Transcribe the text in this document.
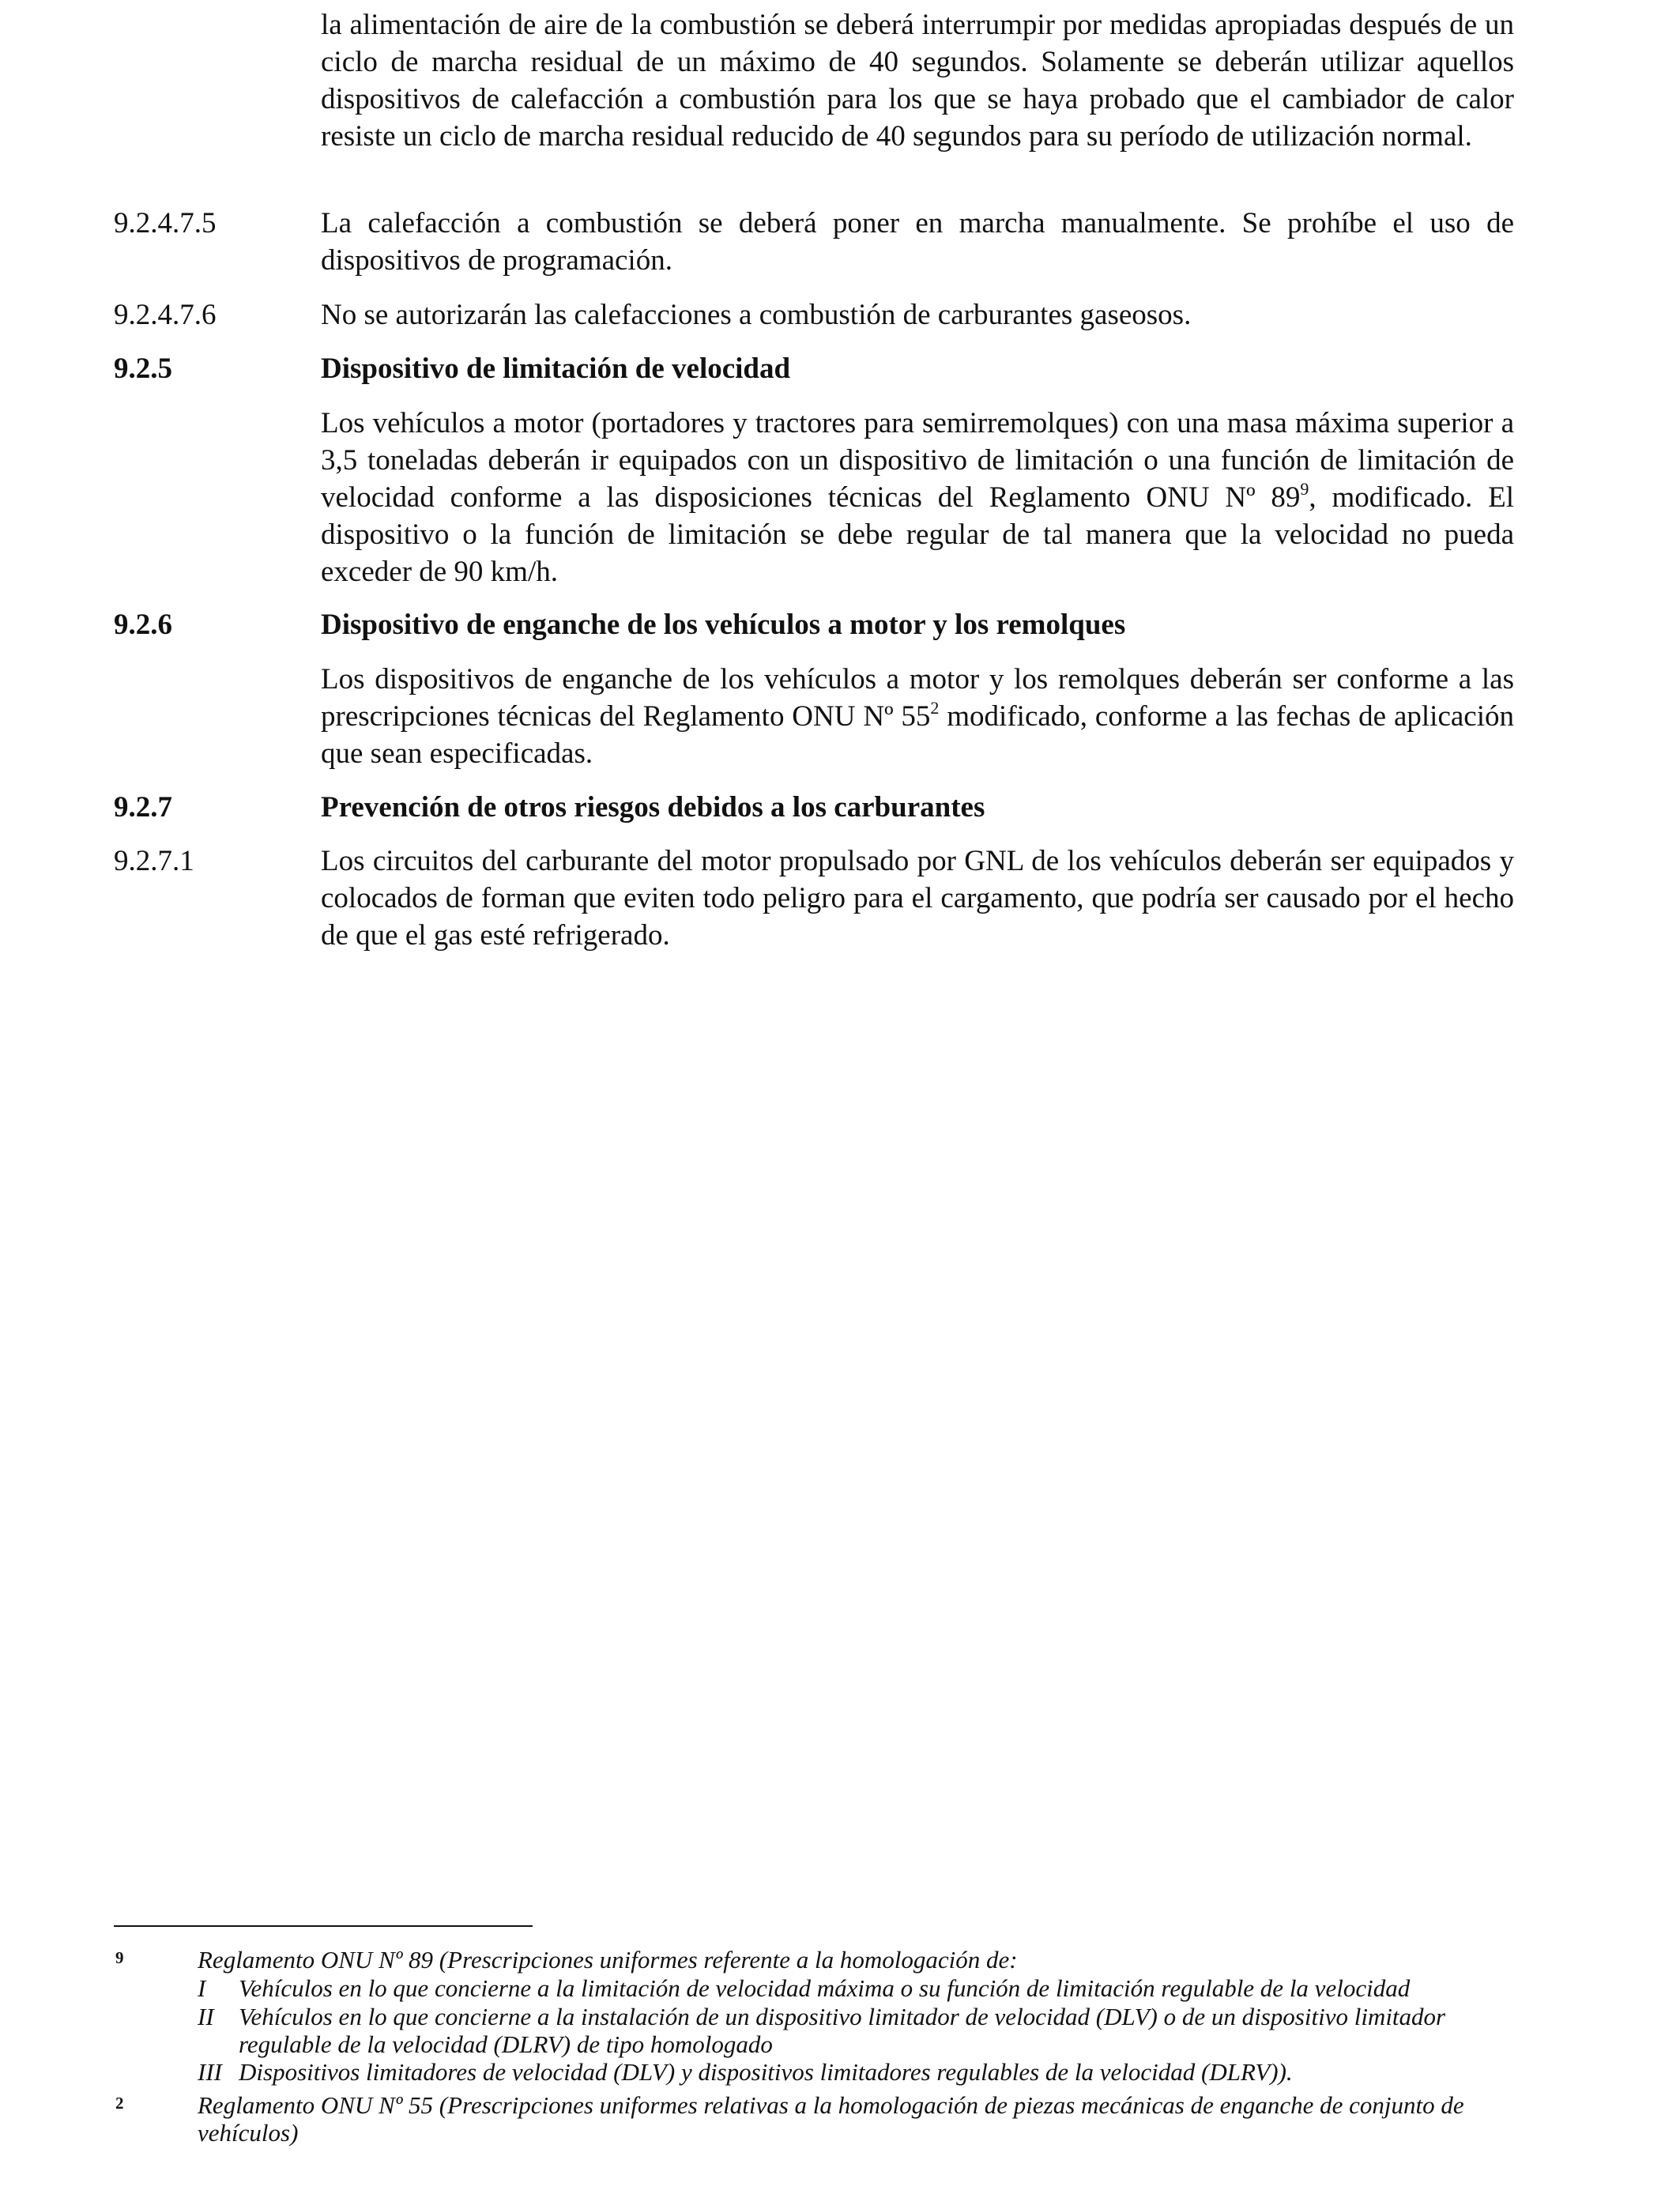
la alimentación de aire de la combustión se deberá interrumpir por medidas apropiadas después de un ciclo de marcha residual de un máximo de 40 segundos. Solamente se deberán utilizar aquellos dispositivos de calefacción a combustión para los que se haya probado que el cambiador de calor resiste un ciclo de marcha residual reducido de 40 segundos para su período de utilización normal.

9.2.4.7.5	La calefacción a combustión se deberá poner en marcha manualmente. Se prohíbe el uso de dispositivos de programación.

9.2.4.7.6	No se autorizarán las calefacciones a combustión de carburantes gaseosos.

9.2.5	Dispositivo de limitación de velocidad

Los vehículos a motor (portadores y tractores para semirremolques) con una masa máxima superior a 3,5 toneladas deberán ir equipados con un dispositivo de limitación o una función de limitación de velocidad conforme a las disposiciones técnicas del Reglamento ONU Nº $89^9$, modificado. El dispositivo o la función de limitación se debe regular de tal manera que la velocidad no pueda exceder de 90 km/h.

9.2.6	Dispositivo de enganche de los vehículos a motor y los remolques

Los dispositivos de enganche de los vehículos a motor y los remolques deberán ser conforme a las prescripciones técnicas del Reglamento ONU Nº $55^2$ modificado, conforme a las fechas de aplicación que sean especificadas.

9.2.7	Prevención de otros riesgos debidos a los carburantes

9.2.7.1	Los circuitos del carburante del motor propulsado por GNL de los vehículos deberán ser equipados y colocados de forman que eviten todo peligro para el cargamento, que podría ser causado por el hecho de que el gas esté refrigerado.

9	Reglamento ONU Nº 89 (Prescripciones uniformes referente a la homologación de:

I Vehículos en lo que concierne a la limitación de velocidad máxima o su función de limitación regulable de la velocidad
II Vehículos en lo que concierne a la instalación de un dispositivo limitador de velocidad (DLV) o de un dispositivo limitador regulable de la velocidad (DLRV) de tipo homologado
III Dispositivos limitadores de velocidad (DLV) y dispositivos limitadores regulables de la velocidad (DLRV)).
2	Reglamento ONU Nº 55 (Prescripciones uniformes relativas a la homologación de piezas mecánicas de enganche de conjunto de vehículos)
